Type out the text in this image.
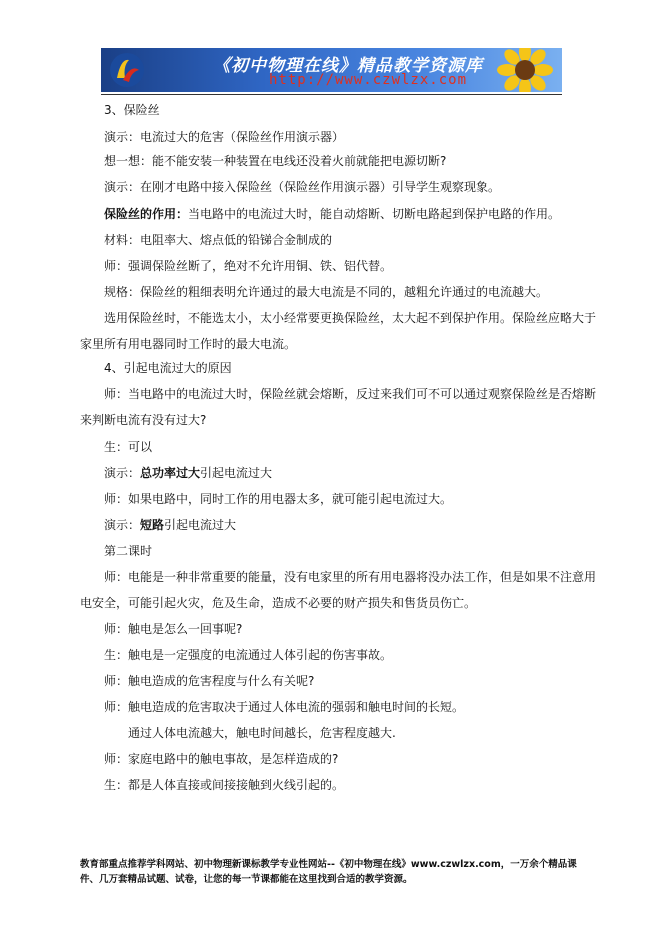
《初中物理在线》精品教学资源库
http://www.czwlzx.com
3、保险丝
演示：电流过大的危害（保险丝作用演示器）
想一想：能不能安装一种装置在电线还没着火前就能把电源切断?
演示：在刚才电路中接入保险丝（保险丝作用演示器）引导学生观察现象。
保险丝的作用：当电路中的电流过大时，能自动熔断、切断电路起到保护电路的作用。
材料：电阻率大、熔点低的铅锑合金制成的
师：强调保险丝断了，绝对不允许用铜、铁、铝代替。
规格：保险丝的粗细表明允许通过的最大电流是不同的，越粗允许通过的电流越大。
选用保险丝时，不能选太小，太小经常要更换保险丝，太大起不到保护作用。保险丝应略大于
家里所有用电器同时工作时的最大电流。
4、引起电流过大的原因
师：当电路中的电流过大时，保险丝就会熔断，反过来我们可不可以通过观察保险丝是否熔断
来判断电流有没有过大?
生：可以
演示：总功率过大引起电流过大
师：如果电路中，同时工作的用电器太多，就可能引起电流过大。
演示：短路引起电流过大
第二课时
师：电能是一种非常重要的能量，没有电家里的所有用电器将没办法工作，但是如果不注意用
电安全，可能引起火灾，危及生命，造成不必要的财产损失和售货员伤亡。
师：触电是怎么一回事呢?
生：触电是一定强度的电流通过人体引起的伤害事故。
师：触电造成的危害程度与什么有关呢?
师：触电造成的危害取决于通过人体电流的强弱和触电时间的长短。
通过人体电流越大，触电时间越长，危害程度越大.
师：家庭电路中的触电事故，是怎样造成的?
生：都是人体直接或间接接触到火线引起的。
教育部重点推荐学科网站、初中物理新课标教学专业性网站--《初中物理在线》www.czwlzx.com，一万余个精品课
件、几万套精品试题、试卷，让您的每一节课都能在这里找到合适的教学资源。
